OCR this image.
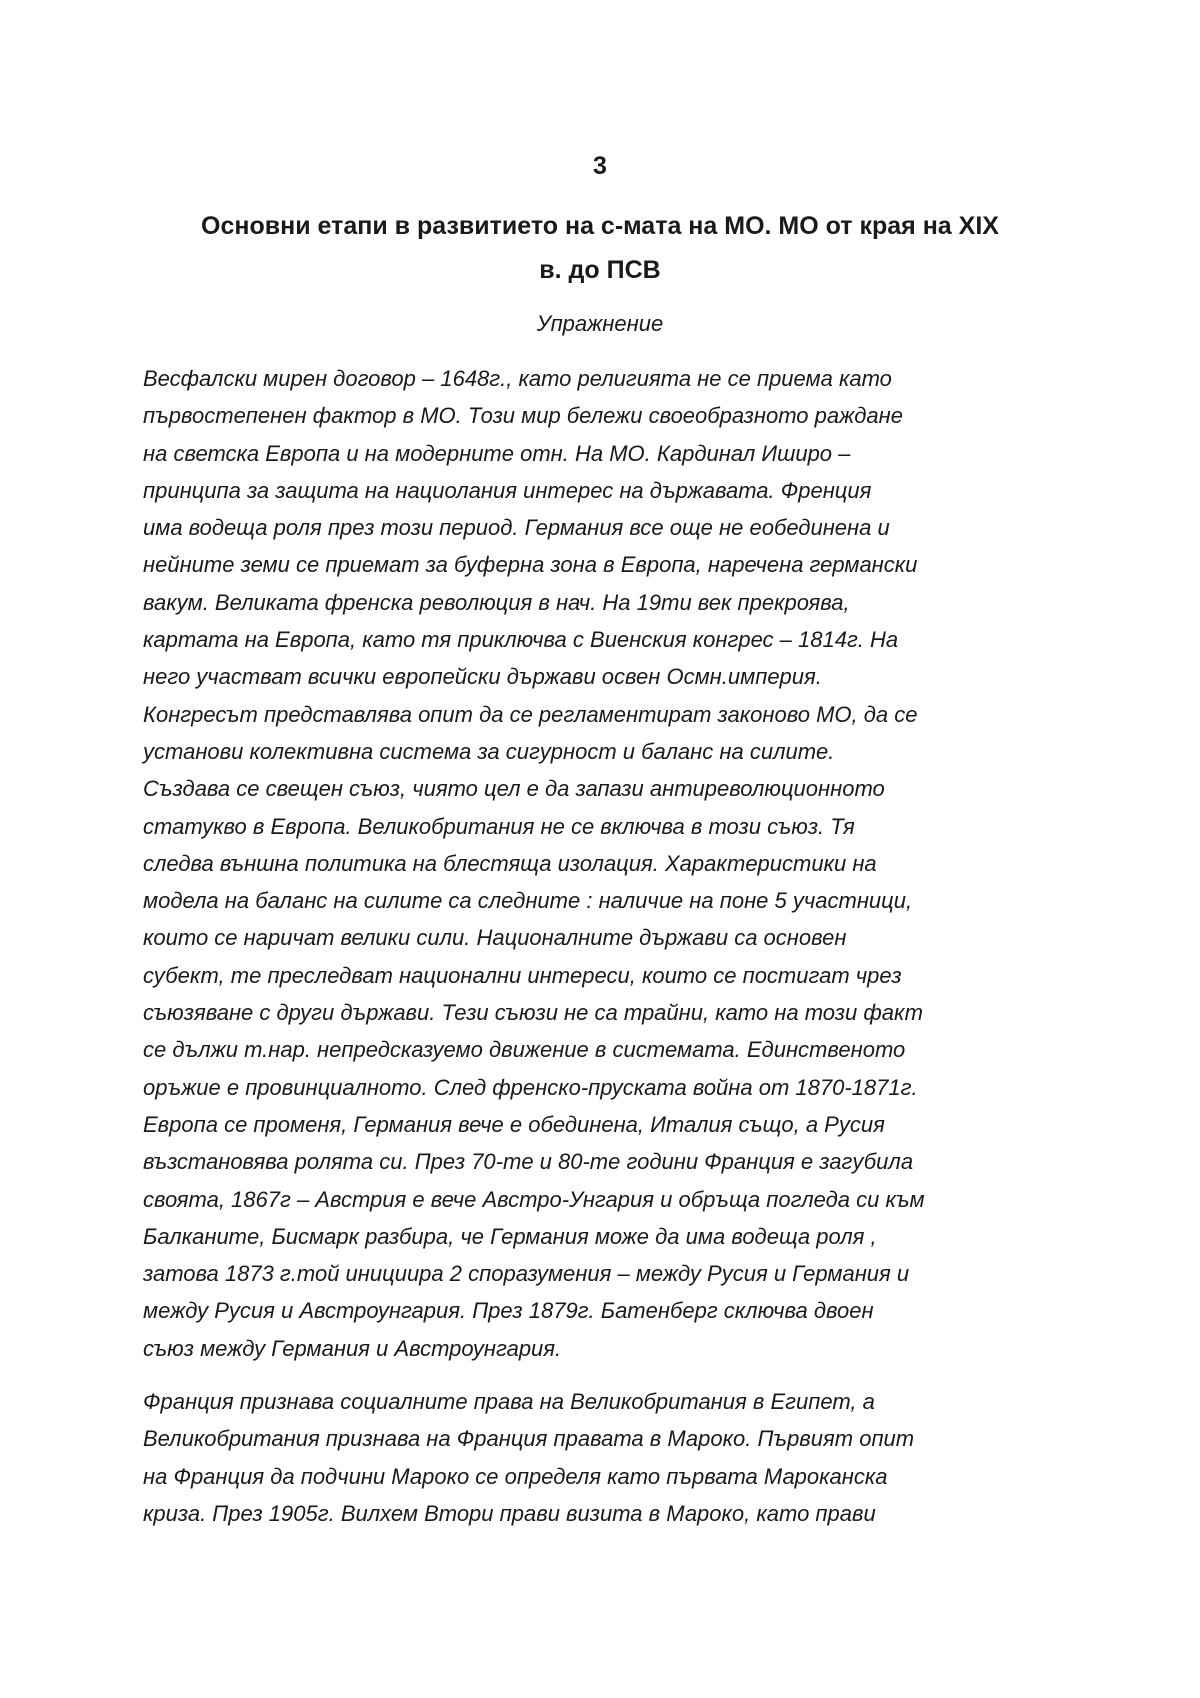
3
Основни етапи в развитието на с-мата на МО. МО от края на XIX
в. до ПСВ
Упражнение

Весфалски мирен договор – 1648г., като религията не се приема като
първостепенен фактор в МО. Този мир бележи своеобразното раждане
на светска Европа и на модерните отн. На МО. Кардинал Иширо –
принципа за защита на нациолания интерес на държавата. Френция
има водеща роля през този период. Германия все още не еобединена и
нейните земи се приемат за буферна зона в Европа, наречена германски
вакум. Великата френска революция в нач. На 19ти век прекроява,
картата на Европа, като тя приключва с Виенския конгрес – 1814г. На
него участват всички европейски държави освен Осмн.империя.
Конгресът представлява опит да се регламентират законово МО, да се
установи колективна система за сигурност и баланс на силите.
Създава се свещен съюз, чиято цел е да запази антиреволюционното
статукво в Европа. Великобритания не се включва в този съюз. Тя
следва външна политика на блестяща изолация. Характеристики на
модела на баланс на силите са следните : наличие на поне 5 участници,
които се наричат велики сили. Националните държави са основен
субект, те преследват национални интереси, които се постигат чрез
съюзяване с други държави. Тези съюзи не са трайни, като на този факт
се дължи т.нар. непредсказуемо движение в системата. Единственото
оръжие е провинциалното. След френско-пруската война от 1870-1871г.
Европа се променя, Германия вече е обединена, Италия също, а Русия
възстановява ролята си. През 70-те и 80-те години Франция е загубила
своята, 1867г – Австрия е вече Австро-Унгария и обръща погледа си към
Балканите, Бисмарк разбира, че Германия може да има водеща роля ,
затова 1873 г.той инициира 2 споразумения – между Русия и Германия и
между Русия и Австроунгария. През 1879г. Батенберг сключва двоен
съюз между Германия и Австроунгария.

Франция признава социалните права на Великобритания в Египет, а
Великобритания признава на Франция правата в Мароко. Първият опит
на Франция да подчини Мароко се определя като първата Мароканска
криза. През 1905г. Вилхем Втори прави визита в Мароко, като прави
